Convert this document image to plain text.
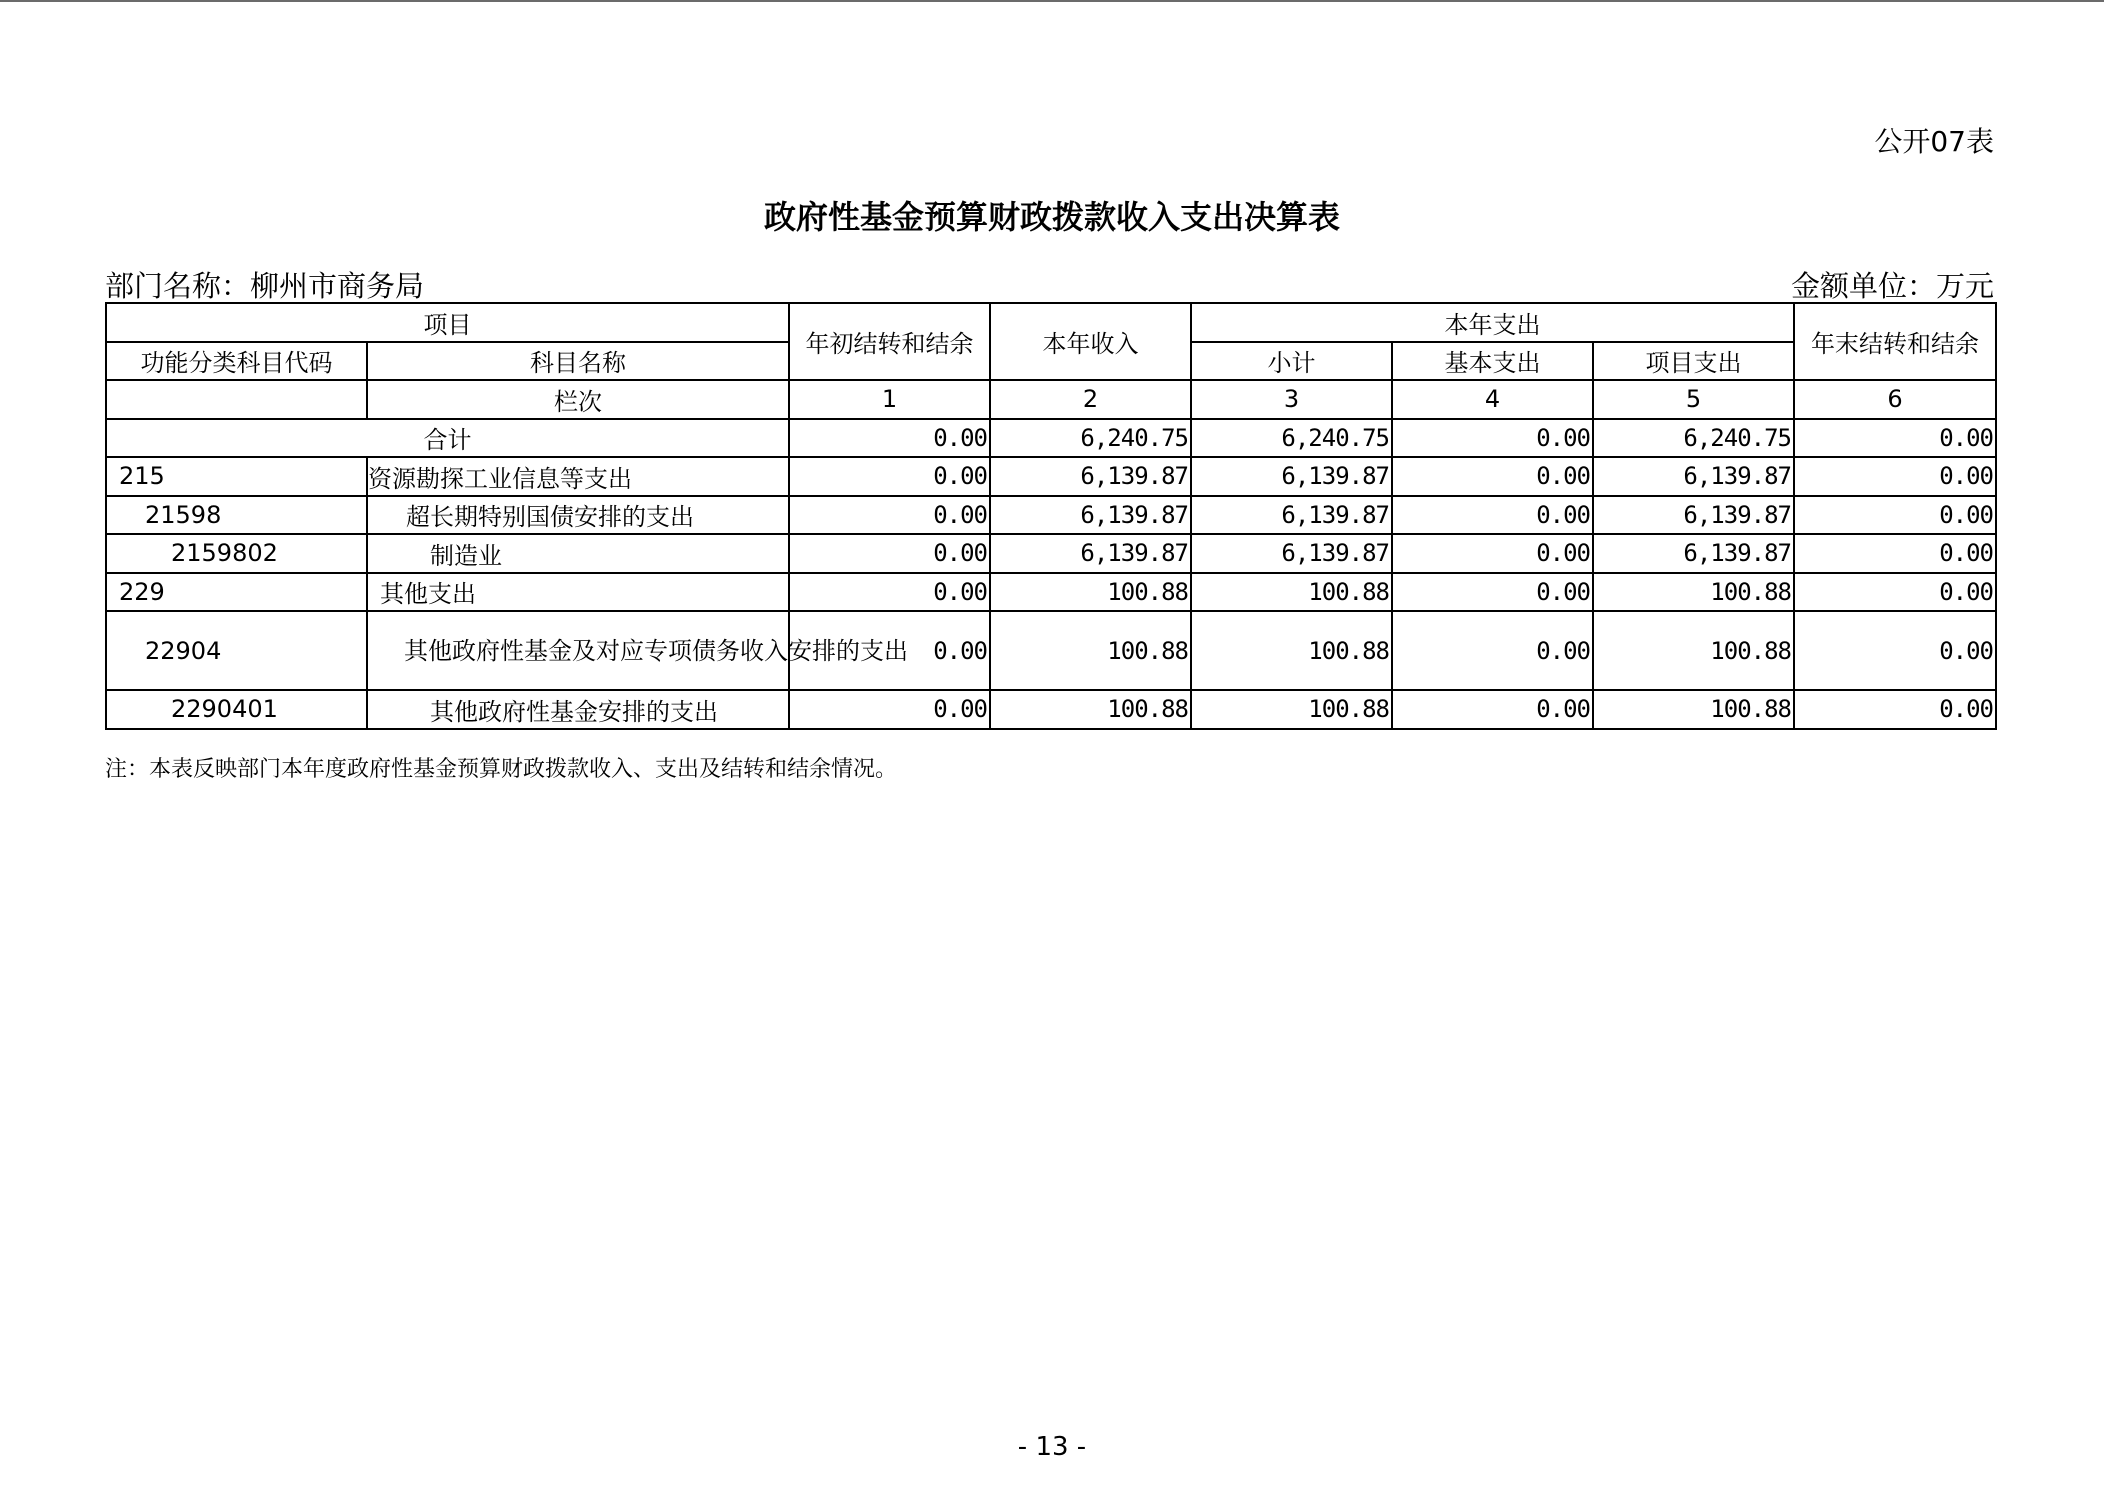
公开07表
政府性基金预算财政拨款收入支出决算表
部门名称：柳州市商务局	金额单位：万元
项目		年初结转和结余	本年收入	本年支出			年末结转和结余
功能分类科目代码	科目名称			小计	基本支出	项目支出	
	栏次	1	2	3	4	5	6
合计		0.00	6,240.75	6,240.75	0.00	6,240.75	0.00
215	资源勘探工业信息等支出	0.00	6,139.87	6,139.87	0.00	6,139.87	0.00
21598	超长期特别国债安排的支出	0.00	6,139.87	6,139.87	0.00	6,139.87	0.00
2159802	制造业	0.00	6,139.87	6,139.87	0.00	6,139.87	0.00
229	其他支出	0.00	100.88	100.88	0.00	100.88	0.00
22904	其他政府性基金及对应专项债务收入安排的支出	0.00	100.88	100.88	0.00	100.88	0.00
2290401	其他政府性基金安排的支出	0.00	100.88	100.88	0.00	100.88	0.00
注：本表反映部门本年度政府性基金预算财政拨款收入、支出及结转和结余情况。
- 13 -
